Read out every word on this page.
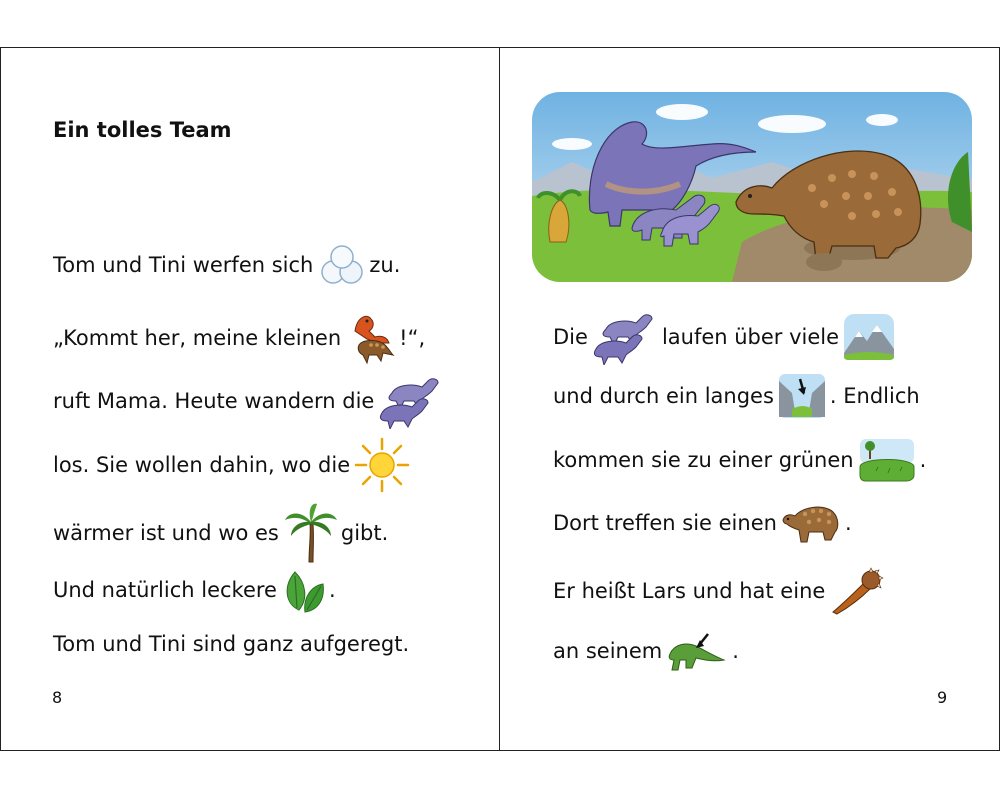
Ein tolles Team
Tom und Tini werfen sich	zu.
„Kommt her, meine kleinen	!“,
ruft Mama. Heute wandern die
los. Sie wollen dahin, wo die
wärmer ist und wo es	gibt.
Und natürlich leckere .
Tom und Tini sind ganz aufgeregt.
8
Die	laufen über viele
und durch ein langes	. Endlich
kommen sie zu einer grünen	.
Dort treffen sie einen	.
Er heißt Lars und hat eine
an seinem	.
9
